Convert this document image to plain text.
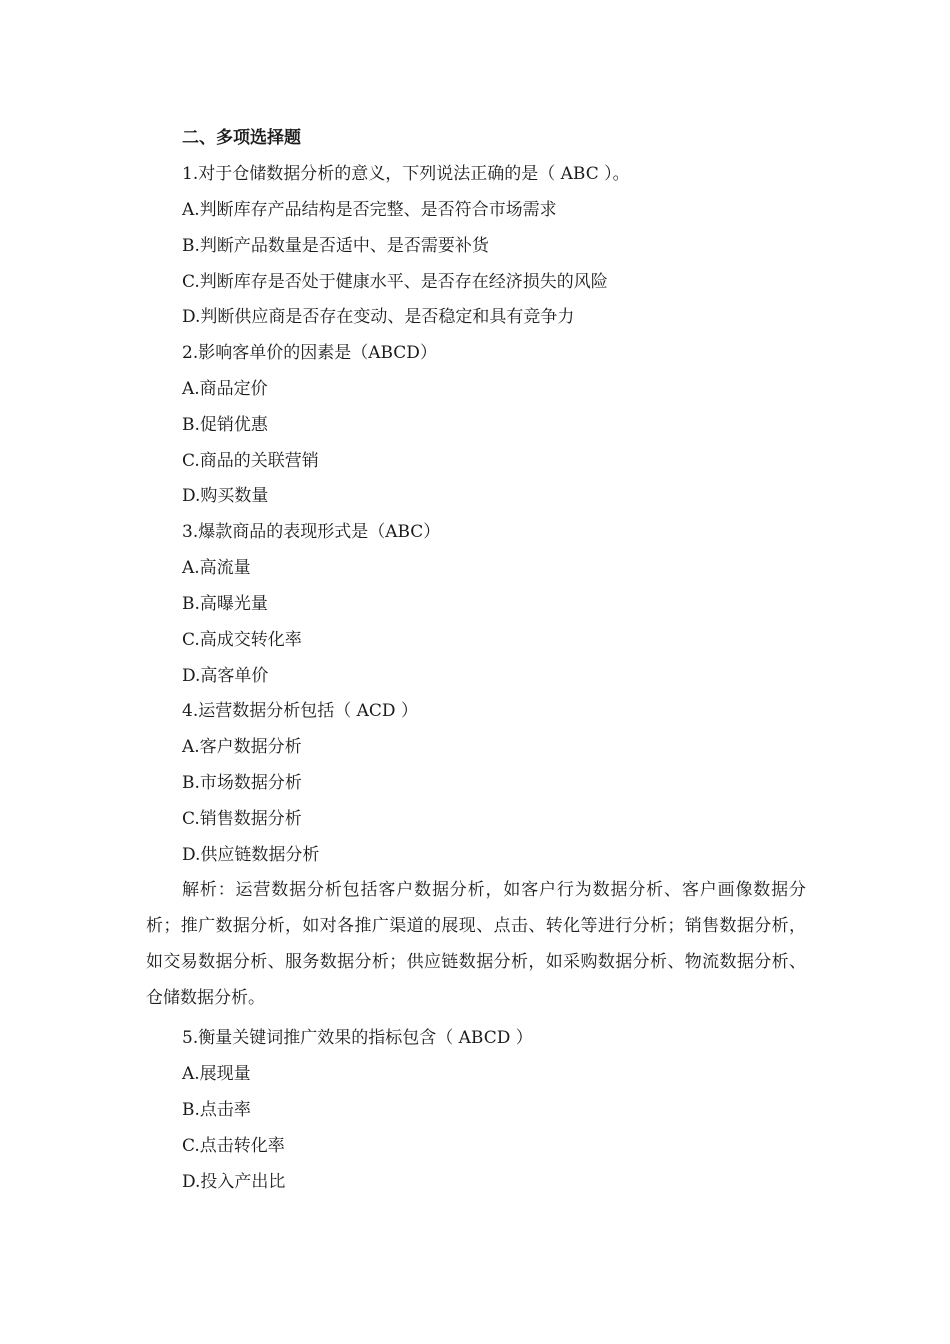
二、多项选择题
1.对于仓储数据分析的意义，下列说法正确的是（ ABC ）。
A.判断库存产品结构是否完整、是否符合市场需求
B.判断产品数量是否适中、是否需要补货
C.判断库存是否处于健康水平、是否存在经济损失的风险
D.判断供应商是否存在变动、是否稳定和具有竞争力
2.影响客单价的因素是（ABCD）
A.商品定价
B.促销优惠
C.商品的关联营销
D.购买数量
3.爆款商品的表现形式是（ABC）
A.高流量
B.高曝光量
C.高成交转化率
D.高客单价
4.运营数据分析包括（ ACD ）
A.客户数据分析
B.市场数据分析
C.销售数据分析
D.供应链数据分析
解析：运营数据分析包括客户数据分析，如客户行为数据分析、客户画像数据分析；推广数据分析，如对各推广渠道的展现、点击、转化等进行分析；销售数据分析，如交易数据分析、服务数据分析；供应链数据分析，如采购数据分析、物流数据分析、仓储数据分析。
5.衡量关键词推广效果的指标包含（ ABCD ）
A.展现量
B.点击率
C.点击转化率
D.投入产出比
